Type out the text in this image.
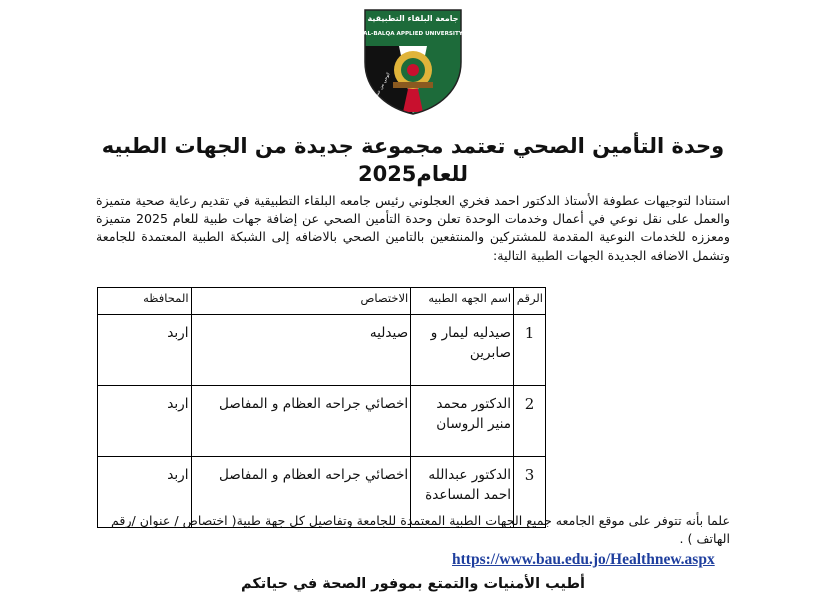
جامعة البلقاء التطبيقية
AL-BALQA APPLIED UNIVERSITY
كوحي من عند آل عبدالله
وحدة التأمين الصحي تعتمد مجموعة جديدة من الجهات الطبيه
للعام2025

استنادا لتوجيهات عطوفة الأستاذ الدكتور احمد فخري العجلوني رئيس جامعه البلقاء التطبيقية في تقديم رعاية صحية متميزة والعمل على نقل نوعي في أعمال وخدمات الوحدة تعلن وحدة التأمين الصحي عن إضافة جهات طبية للعام 2025 متميزة ومعززه للخدمات النوعية المقدمة للمشتركين والمنتفعين بالتامين الصحي بالاضافه إلى الشبكة الطبية المعتمدة للجامعة وتشمل الاضافه الجديدة الجهات الطبية التالية:

الرقم	اسم الجهه الطبيه	الاختصاص	المحافظه
1	صيدليه ليمار و صابرين	صيدليه	اربد
2	الدكتور محمد منير الروسان	اخصائي جراحه العظام و المفاصل	اربد
3	الدكتور عبدالله احمد المساعدة	اخصائي جراحه العظام و المفاصل	اربد

علما بأنه تتوفر على موقع الجامعه جميع الجهات الطبية المعتمدة للجامعة وتفاصيل كل جهة طبية( اختصاص / عنوان /رقم الهاتف ) .

https://www.bau.edu.jo/Healthnew.aspx

أطيب الأمنيات والتمتع بموفور الصحة في حياتكم
